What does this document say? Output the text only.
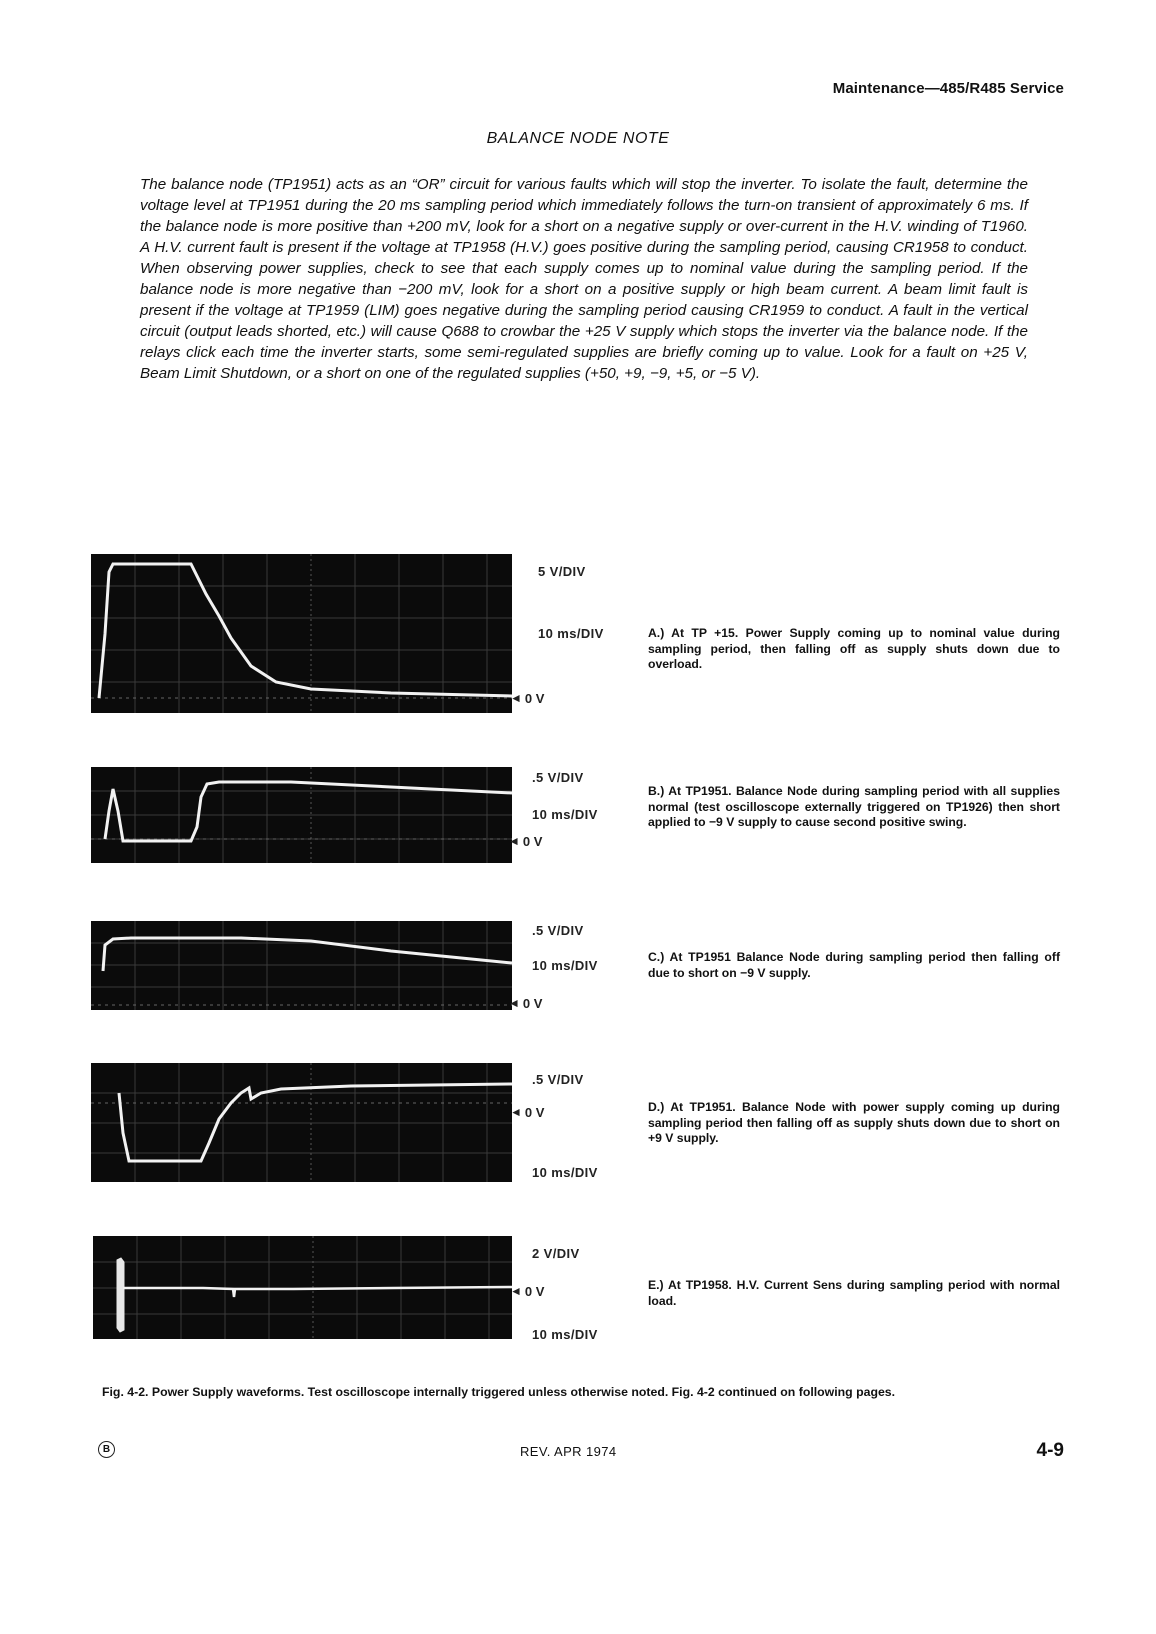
Maintenance—485/R485 Service
BALANCE NODE NOTE

The balance node (TP1951) acts as an “OR” circuit for various faults which will stop the inverter. To isolate the fault, determine the voltage level at TP1951 during the 20 ms sampling period which immediately follows the turn-on transient of approximately 6 ms. If the balance node is more positive than +200 mV, look for a short on a negative supply or over-current in the H.V. winding of T1960. A H.V. current fault is present if the voltage at TP1958 (H.V.) goes positive during the sampling period, causing CR1958 to conduct. When observing power supplies, check to see that each supply comes up to nominal value during the sampling period. If the balance node is more negative than −200 mV, look for a short on a positive supply or high beam current. A beam limit fault is present if the voltage at TP1959 (LIM) goes negative during the sampling period causing CR1959 to conduct. A fault in the vertical circuit (output leads shorted, etc.) will cause Q688 to crowbar the +25 V supply which stops the inverter via the balance node. If the relays click each time the inverter starts, some semi-regulated supplies are briefly coming up to value. Look for a fault on +25 V, Beam Limit Shutdown, or a short on one of the regulated supplies (+50, +9, −9, +5, or −5 V).

5 V/DIV
10 ms/DIV
◄ 0 V
A.) At TP +15. Power Supply coming up to nominal value during sampling period, then falling off as supply shuts down due to overload.
.5 V/DIV
10 ms/DIV
◄ 0 V
B.) At TP1951. Balance Node during sampling period with all supplies normal (test oscilloscope externally triggered on TP1926) then short applied to −9 V supply to cause second positive swing.
.5 V/DIV
10 ms/DIV
◄ 0 V
C.) At TP1951 Balance Node during sampling period then falling off due to short on −9 V supply.
.5 V/DIV
◄ 0 V
10 ms/DIV
D.) At TP1951. Balance Node with power supply coming up during sampling period then falling off as supply shuts down due to short on +9 V supply.
2 V/DIV
◄ 0 V
10 ms/DIV
E.) At TP1958. H.V. Current Sens during sampling period with normal load.
Fig. 4-2. Power Supply waveforms. Test oscilloscope internally triggered unless otherwise noted. Fig. 4-2 continued on following pages.
B	REV. APR 1974	4-9
